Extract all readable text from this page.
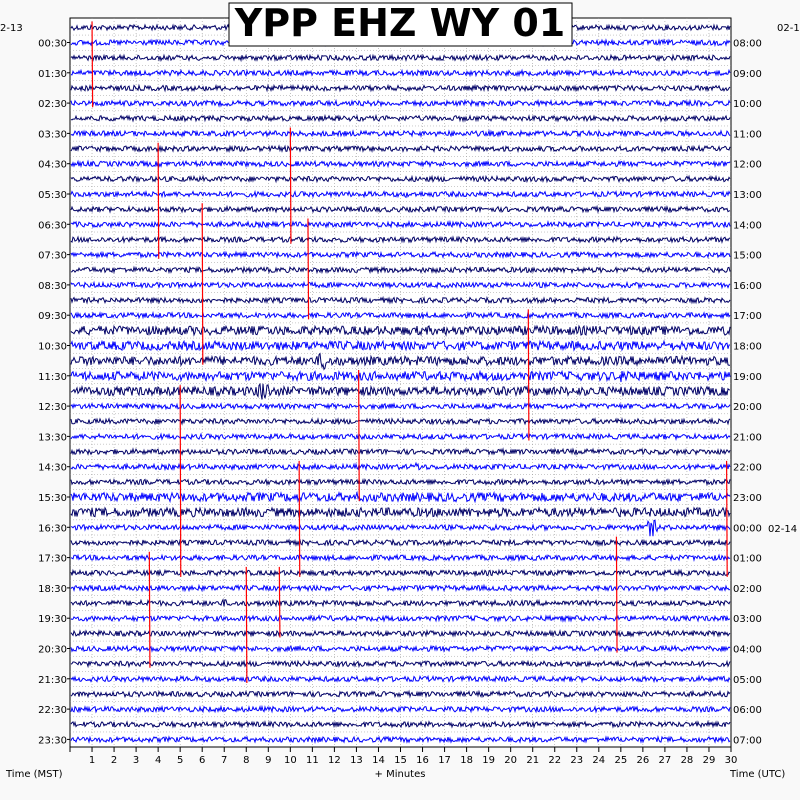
1 2 3 4 5 6 7 8 9 10 11 12 13 14 15 16 17 18 19 20 21 22 23 24 25 26 27 28 29 30
00:30
01:30
02:30
03:30
04:30
05:30
06:30
07:30
08:30
09:30
10:30
11:30
12:30
13:30
14:30
15:30
16:30
17:30
18:30
19:30
20:30
21:30
22:30
23:30
08:00
09:00
10:00
11:00
12:00
13:00
14:00
15:00
16:00
17:00
18:00
19:00
20:00
21:00
22:00
23:00
00:00
01:00
02:00
03:00
04:00
05:00
06:00
07:00
2-13	02-1
02-14
YPP EHZ WY 01
Time (MST)	+ Minutes	Time (UTC)
